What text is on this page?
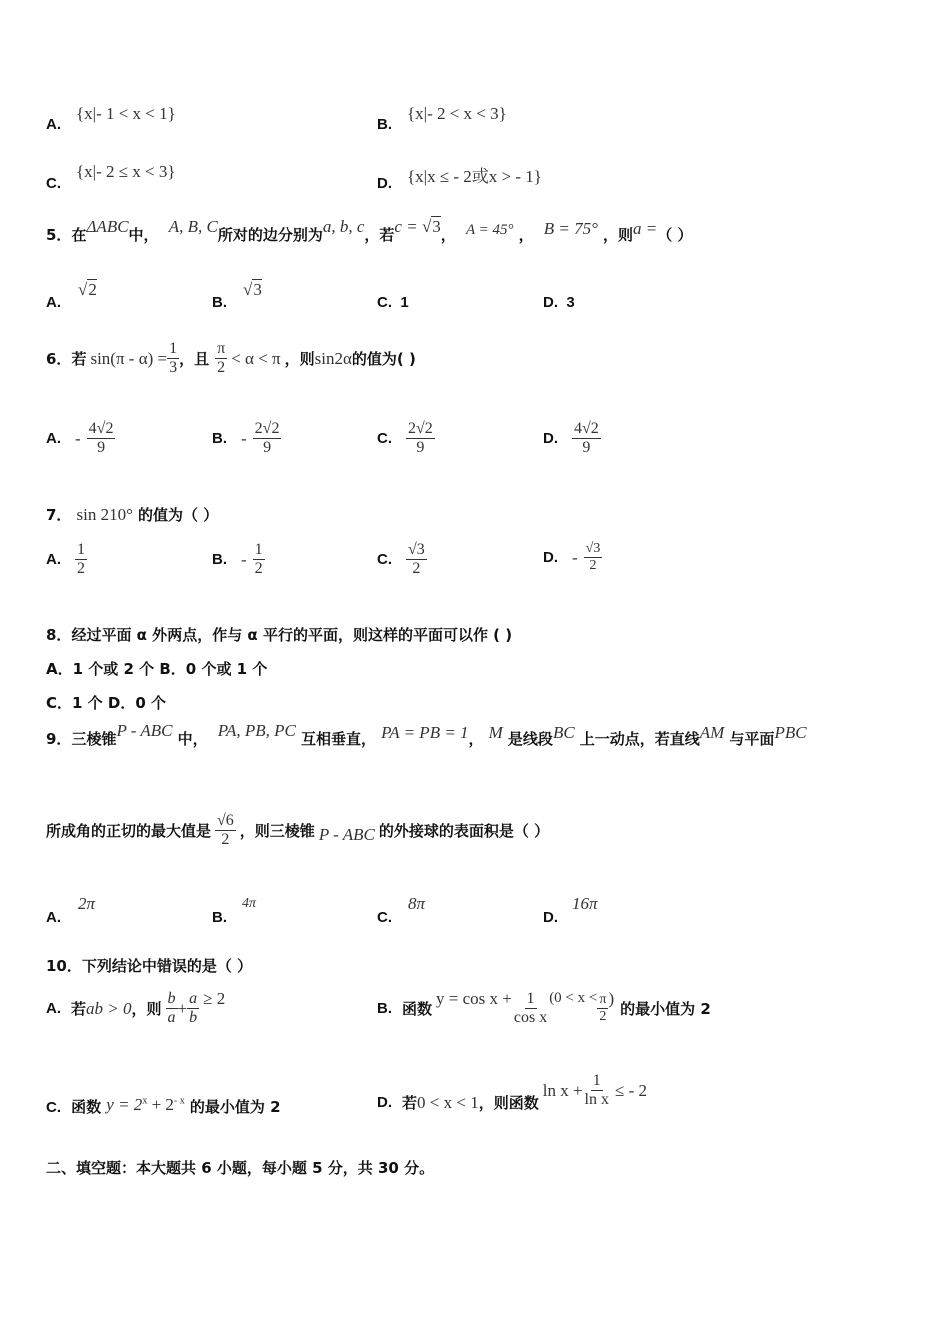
A.
{x|- 1 < x < 1}
B.
{x|- 2 < x < 3}
C.
{x|- 2 ≤ x < 3}
D. {x|x ≤ - 2或x > - 1}
5．在ΔABC中， A, B, C所对的边分别为a, b, c，若c = √3， A = 45° ， B = 75° ，则a =（ ）
A.
√2
B.
√3
C. 1	D. 3
6． 若 $\sin(\pi - \alpha) = \frac{1}{3}$ ，且 $\frac{\pi}{2} < \alpha < \pi$ ，则 sin2α 的值为( )
A. - $\frac{4√2}{9}$	B. - $\frac{2√2}{9}$	C. $\frac{2√2}{9}$	D. $\frac{4√2}{9}$
7． sin 210° 的值为（ ）
A. $\frac{1}{2}$	B. - $\frac{1}{2}$	C. $\frac{√3}{2}$	D. - $\frac{√3}{2}$
8．经过平面 α 外两点，作与 α 平行的平面，则这样的平面可以作 ( )
A．1 个或 2 个 B．0 个或 1 个
C．1 个 D．0 个
9．三棱锥P - ABC 中， PA, PB, PC 互相垂直， PA = PB = 1， M 是线段BC 上一动点，若直线AM 与平面PBC
所成角的正切的最大值是 $\frac{√6}{2}$ ，则三棱锥 P - ABC 的外接球的表面积是（ ）
A.
2π
B.
4π
C.
8π
D.
16π
10．下列结论中错误的是（ ）
A. 若 ab > 0 ，则 $\frac{b}{a} + \frac{a}{b} \ge 2$
B. 函数
$y = \cos x + \frac{1}{\text{cos x}} (0 < x < \frac{\pi}{2}$ )
的最小值为 2
C. 函数 $y = 2^x + 2^{- x}$ 的最小值为 2	D. 若 0 < x < 1 ，则函数
$\ln x + \frac{1}{\text{ln x}}$ ≤ - 2
二、填空题：本大题共 6 小题，每小题 5 分，共 30 分。
